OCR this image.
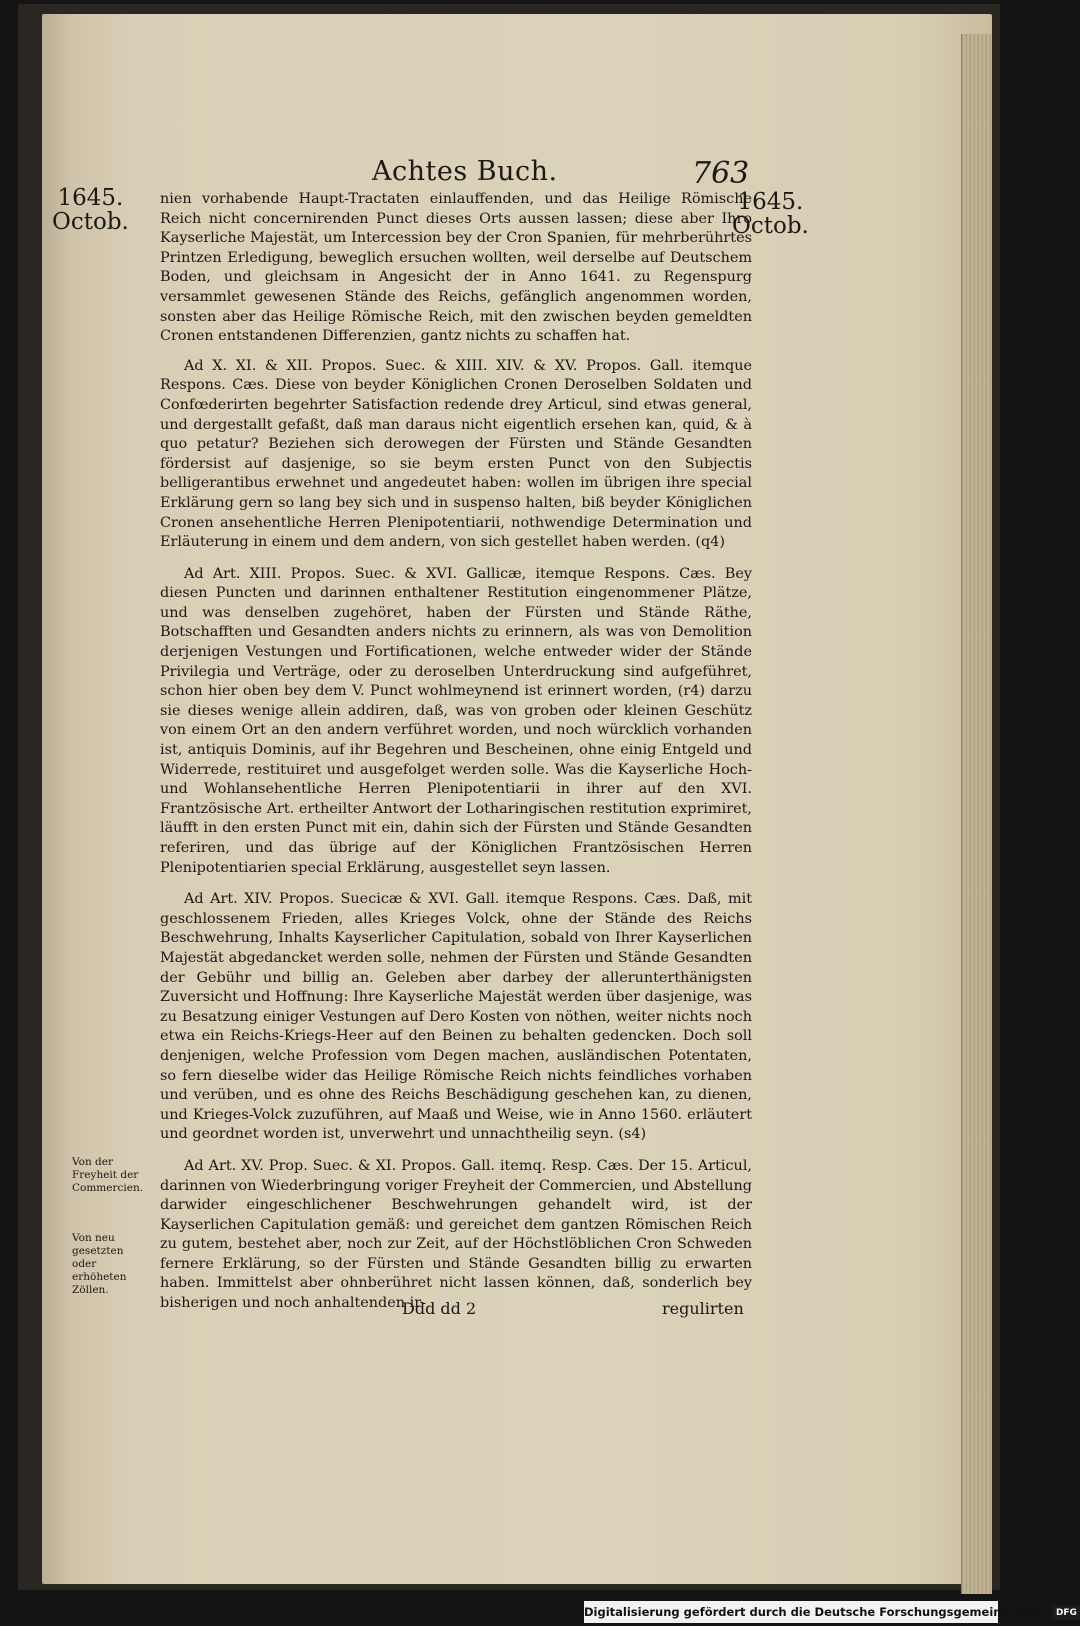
Achtes Buch.	763
1645.
Octob.
1645.
Octob.

nien vorhabende Haupt-Tractaten einlauffenden, und das Heilige Römische Reich nicht concernirenden Punct dieses Orts aussen lassen; diese aber Ihro Kayserliche Majestät, um Intercession bey der Cron Spanien, für mehrberührtes Printzen Erledigung, beweglich ersuchen wollten, weil derselbe auf Deutschem Boden, und gleichsam in Angesicht der in Anno 1641. zu Regenspurg versammlet gewesenen Stände des Reichs, gefänglich angenommen worden, sonsten aber das Heilige Römische Reich, mit den zwischen beyden gemeldten Cronen entstandenen Differenzien, gantz nichts zu schaffen hat.

Ad X. XI. & XII. Propos. Suec. & XIII. XIV. & XV. Propos. Gall. itemque Respons. Cæs. Diese von beyder Königlichen Cronen Deroselben Soldaten und Confœderirten begehrter Satisfaction redende drey Articul, sind etwas general, und dergestallt gefaßt, daß man daraus nicht eigentlich ersehen kan, quid, & à quo petatur? Beziehen sich derowegen der Fürsten und Stände Gesandten fördersist auf dasjenige, so sie beym ersten Punct von den Subjectis belligerantibus erwehnet und angedeutet haben: wollen im übrigen ihre special Erklärung gern so lang bey sich und in suspenso halten, biß beyder Königlichen Cronen ansehentliche Herren Plenipotentiarii, nothwendige Determination und Erläuterung in einem und dem andern, von sich gestellet haben werden. (q4)

Ad Art. XIII. Propos. Suec. & XVI. Gallicæ, itemque Respons. Cæs. Bey diesen Puncten und darinnen enthaltener Restitution eingenommener Plätze, und was denselben zugehöret, haben der Fürsten und Stände Räthe, Botschafften und Gesandten anders nichts zu erinnern, als was von Demolition derjenigen Vestungen und Fortificationen, welche entweder wider der Stände Privilegia und Verträge, oder zu deroselben Unterdruckung sind aufgeführet, schon hier oben bey dem V. Punct wohlmeynend ist erinnert worden, (r4) darzu sie dieses wenige allein addiren, daß, was von groben oder kleinen Geschütz von einem Ort an den andern verführet worden, und noch würcklich vorhanden ist, antiquis Dominis, auf ihr Begehren und Bescheinen, ohne einig Entgeld und Widerrede, restituiret und ausgefolget werden solle. Was die Kayserliche Hoch- und Wohlansehentliche Herren Plenipotentiarii in ihrer auf den XVI. Frantzösische Art. ertheilter Antwort der Lotharingischen restitution exprimiret, läufft in den ersten Punct mit ein, dahin sich der Fürsten und Stände Gesandten referiren, und das übrige auf der Königlichen Frantzösischen Herren Plenipotentiarien special Erklärung, ausgestellet seyn lassen.

Ad Art. XIV. Propos. Suecicæ & XVI. Gall. itemque Respons. Cæs. Daß, mit geschlossenem Frieden, alles Krieges Volck, ohne der Stände des Reichs Beschwehrung, Inhalts Kayserlicher Capitulation, sobald von Ihrer Kayserlichen Majestät abgedancket werden solle, nehmen der Fürsten und Stände Gesandten der Gebühr und billig an. Geleben aber darbey der allerunterthänigsten Zuversicht und Hoffnung: Ihre Kayserliche Majestät werden über dasjenige, was zu Besatzung einiger Vestungen auf Dero Kosten von nöthen, weiter nichts noch etwa ein Reichs-Kriegs-Heer auf den Beinen zu behalten gedencken. Doch soll denjenigen, welche Profession vom Degen machen, ausländischen Potentaten, so fern dieselbe wider das Heilige Römische Reich nichts feindliches vorhaben und verüben, und es ohne des Reichs Beschädigung geschehen kan, zu dienen, und Krieges-Volck zuzuführen, auf Maaß und Weise, wie in Anno 1560. erläutert und geordnet worden ist, unverwehrt und unnachtheilig seyn. (s4)

Ad Art. XV. Prop. Suec. & XI. Propos. Gall. itemq. Resp. Cæs. Der 15. Articul, darinnen von Wiederbringung voriger Freyheit der Commercien, und Abstellung darwider eingeschlichener Beschwehrungen gehandelt wird, ist der Kayserlichen Capitulation gemäß: und gereichet dem gantzen Römischen Reich zu gutem, bestehet aber, noch zur Zeit, auf der Höchstlöblichen Cron Schweden fernere Erklärung, so der Fürsten und Stände Gesandten billig zu erwarten haben. Immittelst aber ohnberühret nicht lassen können, daß, sonderlich bey bisherigen und noch anhaltenden ir-

Von der Freyheit der Commercien.
Von neu gesetzten oder erhöheten Zöllen.
Ddd dd 2	regulirten
Digitalisierung gefördert durch die Deutsche Forschungsgemeinschaft · DFG
